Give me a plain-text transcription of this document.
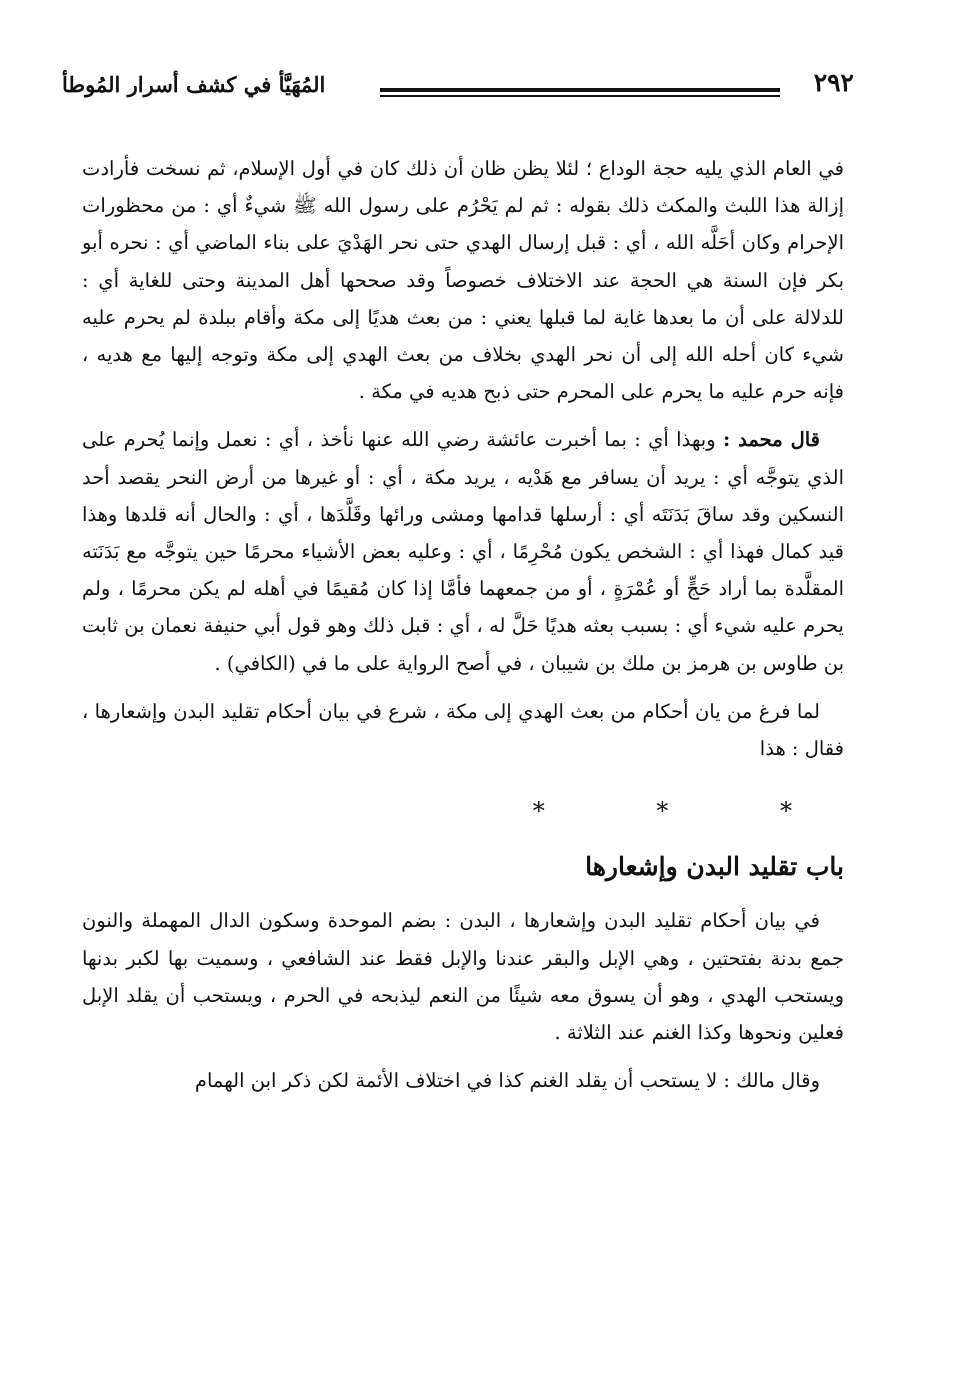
المُهَيَّأ في كشف أسرار المُوطأ	٢٩٢

في العام الذي يليه حجة الوداع ؛ لئلا يظن ظان أن ذلك كان في أول الإسلام، ثم نسخت فأرادت إزالة هذا اللبث والمكث ذلك بقوله : ثم لم يَحْرُم على رسول الله ﷺ شيءٌ أي : من محظورات الإحرام وكان أحَلَّه الله ، أي : قبل إرسال الهدي حتى نحر الهَدْيَ على بناء الماضي أي : نحره أبو بكر فإن السنة هي الحجة عند الاختلاف خصوصاً وقد صححها أهل المدينة وحتى للغاية أي : للدلالة على أن ما بعدها غاية لما قبلها يعني : من بعث هديًا إلى مكة وأقام ببلدة لم يحرم عليه شيء كان أحله الله إلى أن نحر الهدي بخلاف من بعث الهدي إلى مكة وتوجه إليها مع هديه ، فإنه حرم عليه ما يحرم على المحرم حتى ذبح هديه في مكة .

قال محمد : وبهذا أي : بما أخبرت عائشة رضي الله عنها نأخذ ، أي : نعمل وإنما يُحرم على الذي يتوجَّه أي : يريد أن يسافر مع هَدْيه ، يريد مكة ، أي : أو غيرها من أرض النحر يقصد أحد النسكين وقد ساقَ بَدَنَتَه أي : أرسلها قدامها ومشى ورائها وقَلَّدَها ، أي : والحال أنه قلدها وهذا قيد كمال فهذا أي : الشخص يكون مُحْرِمًا ، أي : وعليه بعض الأشياء محرمًا حين يتوجَّه مع بَدَنَته المقلَّدة بما أراد حَجٍّ أو عُمْرَةٍ ، أو من جمعهما فأمَّا إذا كان مُقيمًا في أهله لم يكن محرمًا ، ولم يحرم عليه شيء أي : بسبب بعثه هديًا حَلَّ له ، أي : قبل ذلك وهو قول أبي حنيفة نعمان بن ثابت بن طاوس بن هرمز بن ملك بن شيبان ، في أصح الرواية على ما في (الكافي) .

لما فرغ من يان أحكام من بعث الهدي إلى مكة ، شرع في بيان أحكام تقليد البدن وإشعارها ، فقال : هذا

* * *
باب تقليد البدن وإشعارها

في بيان أحكام تقليد البدن وإشعارها ، البدن : بضم الموحدة وسكون الدال المهملة والنون جمع بدنة بفتحتين ، وهي الإبل والبقر عندنا والإبل فقط عند الشافعي ، وسميت بها لكبر بدنها ويستحب الهدي ، وهو أن يسوق معه شيئًا من النعم ليذبحه في الحرم ، ويستحب أن يقلد الإبل فعلين ونحوها وكذا الغنم عند الثلاثة .

وقال مالك : لا يستحب أن يقلد الغنم كذا في اختلاف الأئمة لكن ذكر ابن الهمام
